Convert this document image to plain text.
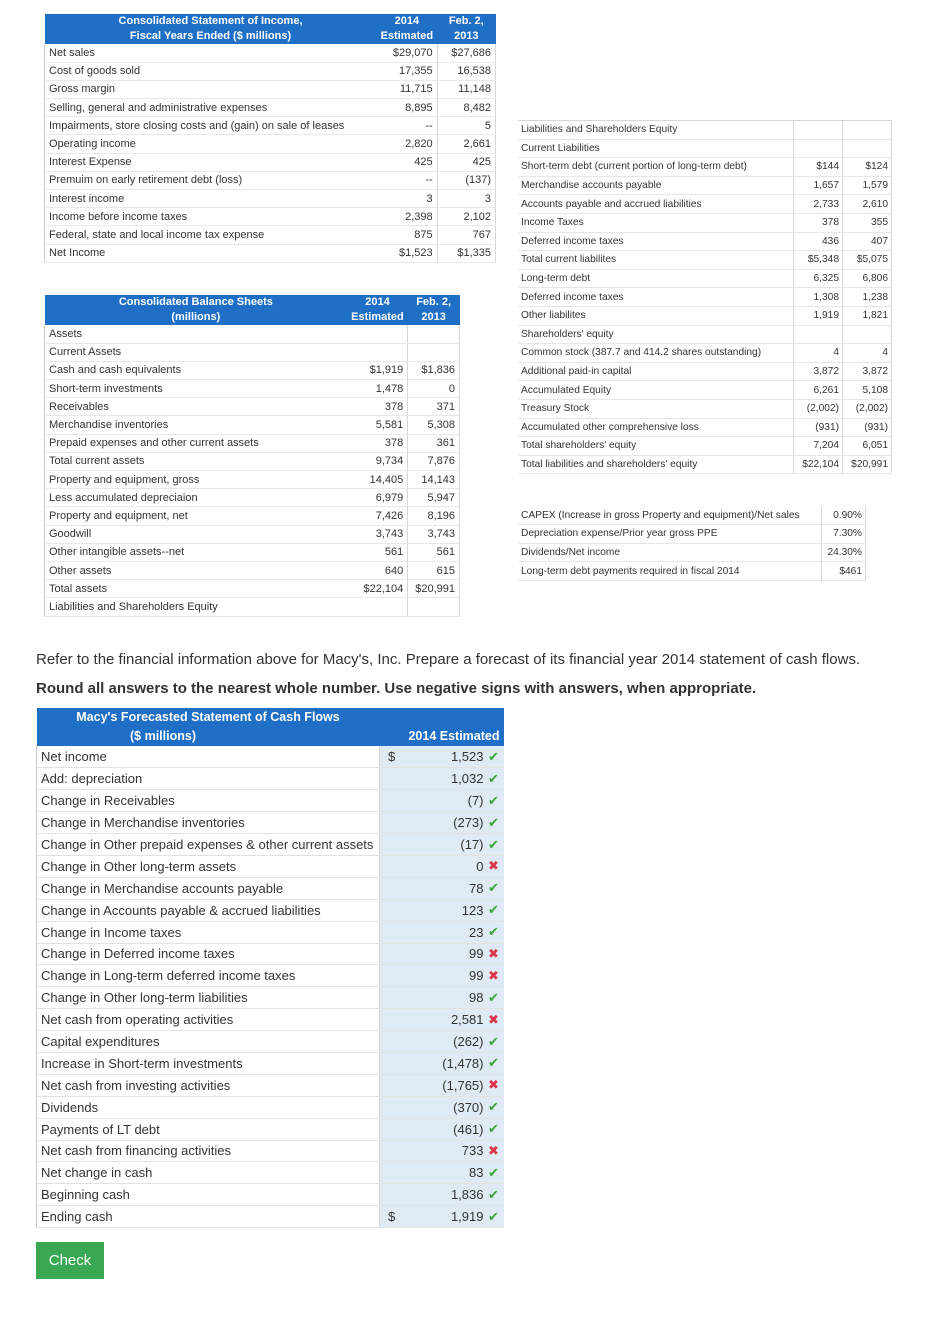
Consolidated Statement of Income,
Fiscal Years Ended ($ millions)	2014
Estimated	Feb. 2,
2013
Net sales	$29,070	$27,686
Cost of goods sold	17,355	16,538
Gross margin	11,715	11,148
Selling, general and administrative expenses	8,895	8,482
Impairments, store closing costs and (gain) on sale of leases	--	5
Operating income	2,820	2,661
Interest Expense	425	425
Premuim on early retirement debt (loss)	--	(137)
Interest income	3	3
Income before income taxes	2,398	2,102
Federal, state and local income tax expense	875	767
Net Income	$1,523	$1,335
Consolidated Balance Sheets
(millions)	2014
Estimated	Feb. 2,
2013
Assets		
Current Assets		
Cash and cash equivalents	$1,919	$1,836
Short-term investments	1,478	0
Receivables	378	371
Merchandise inventories	5,581	5,308
Prepaid expenses and other current assets	378	361
Total current assets	9,734	7,876
Property and equipment, gross	14,405	14,143
Less accumulated depreciaion	6,979	5,947
Property and equipment, net	7,426	8,196
Goodwill	3,743	3,743
Other intangible assets--net	561	561
Other assets	640	615
Total assets	$22,104	$20,991
Liabilities and Shareholders Equity		
Liabilities and Shareholders Equity		
Current Liabilities		
Short-term debt (current portion of long-term debt)	$144	$124
Merchandise accounts payable	1,657	1,579
Accounts payable and accrued liabilities	2,733	2,610
Income Taxes	378	355
Deferred income taxes	436	407
Total current liabilites	$5,348	$5,075
Long-term debt	6,325	6,806
Deferred income taxes	1,308	1,238
Other liabilites	1,919	1,821
Shareholders' equity		
Common stock (387.7 and 414.2 shares outstanding)	4	4
Additional paid-in capital	3,872	3,872
Accumulated Equity	6,261	5,108
Treasury Stock	(2,002)	(2,002)
Accumulated other comprehensive loss	(931)	(931)
Total shareholders' equity	7,204	6,051
Total liabilities and shareholders' equity	$22,104	$20,991
CAPEX (Increase in gross Property and equipment)/Net sales	0.90%
Depreciation expense/Prior year gross PPE	7.30%
Dividends/Net income	24.30%
Long-term debt payments required in fiscal 2014	$461
Refer to the financial information above for Macy's, Inc. Prepare a forecast of its financial year 2014 statement of cash flows.
Round all answers to the nearest whole number. Use negative signs with answers, when appropriate.
Macy's Forecasted Statement of Cash Flows			
($ millions)	2014 Estimated		
Net income	$	1,523	✔
Add: depreciation		1,032	✔
Change in Receivables		(7)	✔
Change in Merchandise inventories		(273)	✔
Change in Other prepaid expenses & other current assets		(17)	✔
Change in Other long-term assets		0	✖
Change in Merchandise accounts payable		78	✔
Change in Accounts payable & accrued liabilities		123	✔
Change in Income taxes		23	✔
Change in Deferred income taxes		99	✖
Change in Long-term deferred income taxes		99	✖
Change in Other long-term liabilities		98	✔
Net cash from operating activities		2,581	✖
Capital expenditures		(262)	✔
Increase in Short-term investments		(1,478)	✔
Net cash from investing activities		(1,765)	✖
Dividends		(370)	✔
Payments of LT debt		(461)	✔
Net cash from financing activities		733	✖
Net change in cash		83	✔
Beginning cash		1,836	✔
Ending cash	$	1,919	✔
Check
